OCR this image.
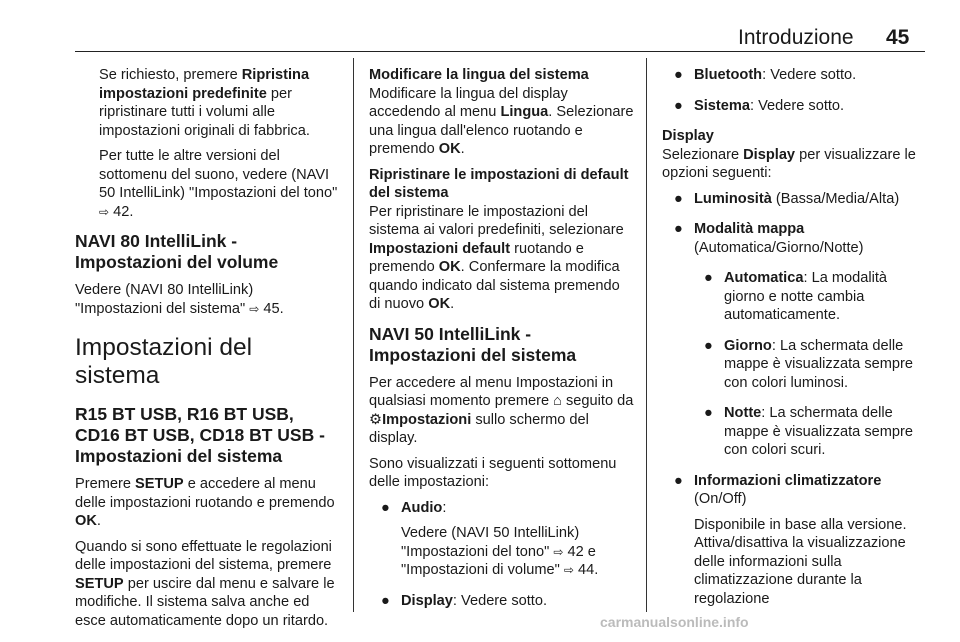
Introduzione 45

Se richiesto, premere Ripristina impostazioni predefinite per ripristinare tutti i volumi alle impostazioni originali di fabbrica.

Per tutte le altre versioni del sottomenu del suono, vedere (NAVI 50 IntelliLink) "Impostazioni del tono" ⇨ 42.

NAVI 80 IntelliLink - Impostazioni del volume

Vedere (NAVI 80 IntelliLink) "Impostazioni del sistema" ⇨ 45.

Impostazioni del sistema
R15 BT USB, R16 BT USB, CD16 BT USB, CD18 BT USB - Impostazioni del sistema

Premere SETUP e accedere al menu delle impostazioni ruotando e premendo OK.

Quando si sono effettuate le regolazioni delle impostazioni del sistema, premere SETUP per uscire dal menu e salvare le modifiche. Il sistema salva anche ed esce automaticamente dopo un ritardo.

Modificare la lingua del sistema

Modificare la lingua del display accedendo al menu Lingua. Selezionare una lingua dall'elenco ruotando e premendo OK.

Ripristinare le impostazioni di default del sistema

Per ripristinare le impostazioni del sistema ai valori predefiniti, selezionare Impostazioni default ruotando e premendo OK. Confermare la modifica quando indicato dal sistema premendo di nuovo OK.

NAVI 50 IntelliLink - Impostazioni del sistema

Per accedere al menu Impostazioni in qualsiasi momento premere ⌂ seguito da ⚙Impostazioni sullo schermo del display.

Sono visualizzati i seguenti sottomenu delle impostazioni:

● Audio:
Vedere (NAVI 50 IntelliLink) "Impostazioni del tono" ⇨ 42 e "Impostazioni di volume" ⇨ 44.
● Display: Vedere sotto.
● Bluetooth: Vedere sotto.
● Sistema: Vedere sotto.
Display

Selezionare Display per visualizzare le opzioni seguenti:

● Luminosità (Bassa/Media/Alta)
● Modalità mappa (Automatica/Giorno/Notte)
● Automatica: La modalità giorno e notte cambia automaticamente.
● Giorno: La schermata delle mappe è visualizzata sempre con colori luminosi.
● Notte: La schermata delle mappe è visualizzata sempre con colori scuri.
● Informazioni climatizzatore (On/Off)
Disponibile in base alla versione. Attiva/disattiva la visualizzazione delle informazioni sulla climatizzazione durante la regolazione
carmanualsonline.info
